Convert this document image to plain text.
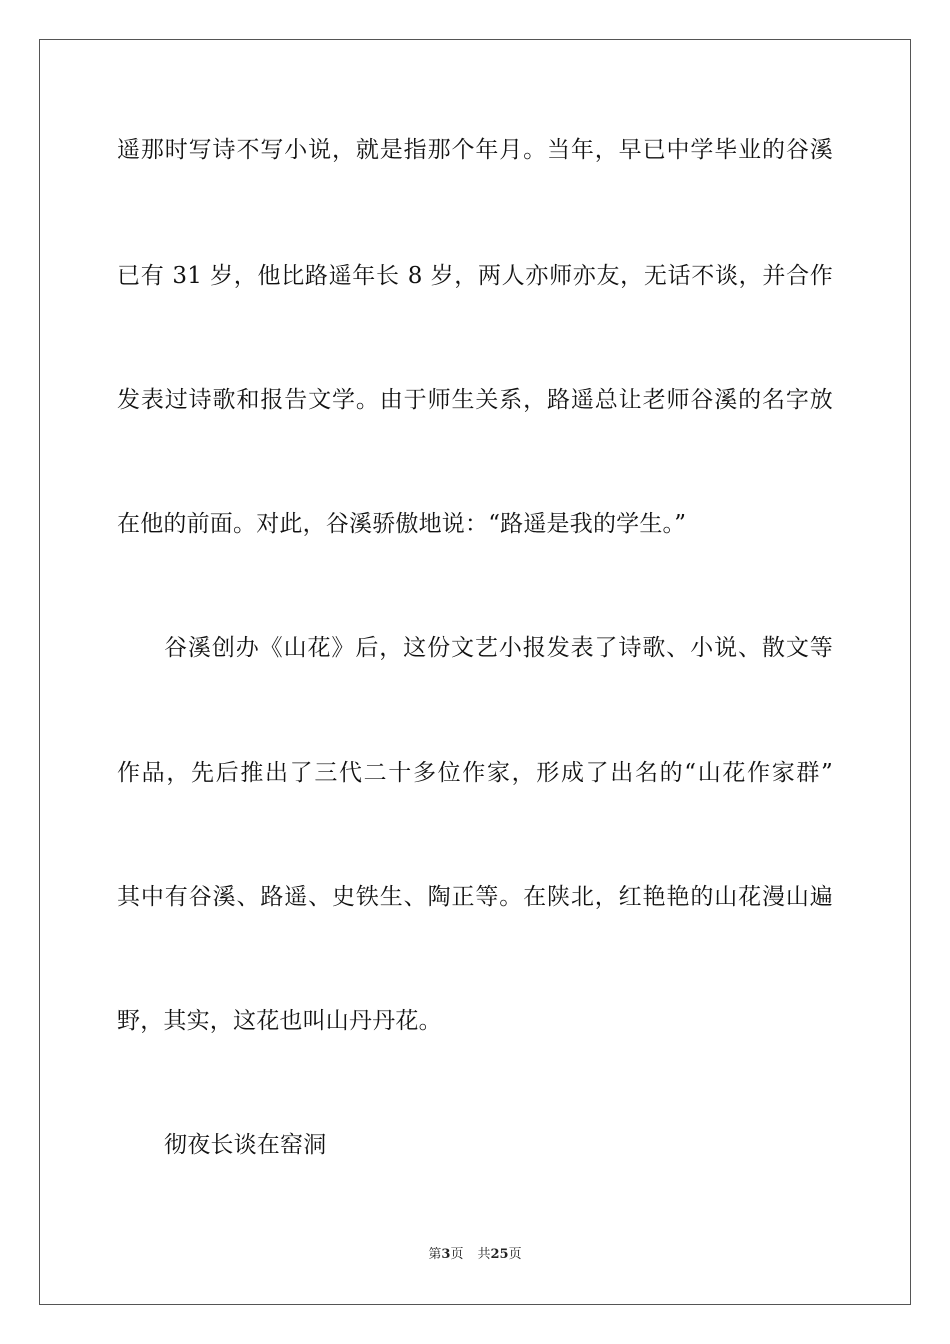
遥那时写诗不写小说，就是指那个年月。当年，早已中学毕业的谷溪
已有 31 岁，他比路遥年长 8 岁，两人亦师亦友，无话不谈，并合作
发表过诗歌和报告文学。由于师生关系，路遥总让老师谷溪的名字放
在他的前面。对此，谷溪骄傲地说：“路遥是我的学生。”
谷溪创办《山花》后，这份文艺小报发表了诗歌、小说、散文等
作品，先后推出了三代二十多位作家，形成了出名的“山花作家群”
其中有谷溪、路遥、史铁生、陶正等。在陕北，红艳艳的山花漫山遍
野，其实，这花也叫山丹丹花。
彻夜长谈在窑洞
第3页 共25页
